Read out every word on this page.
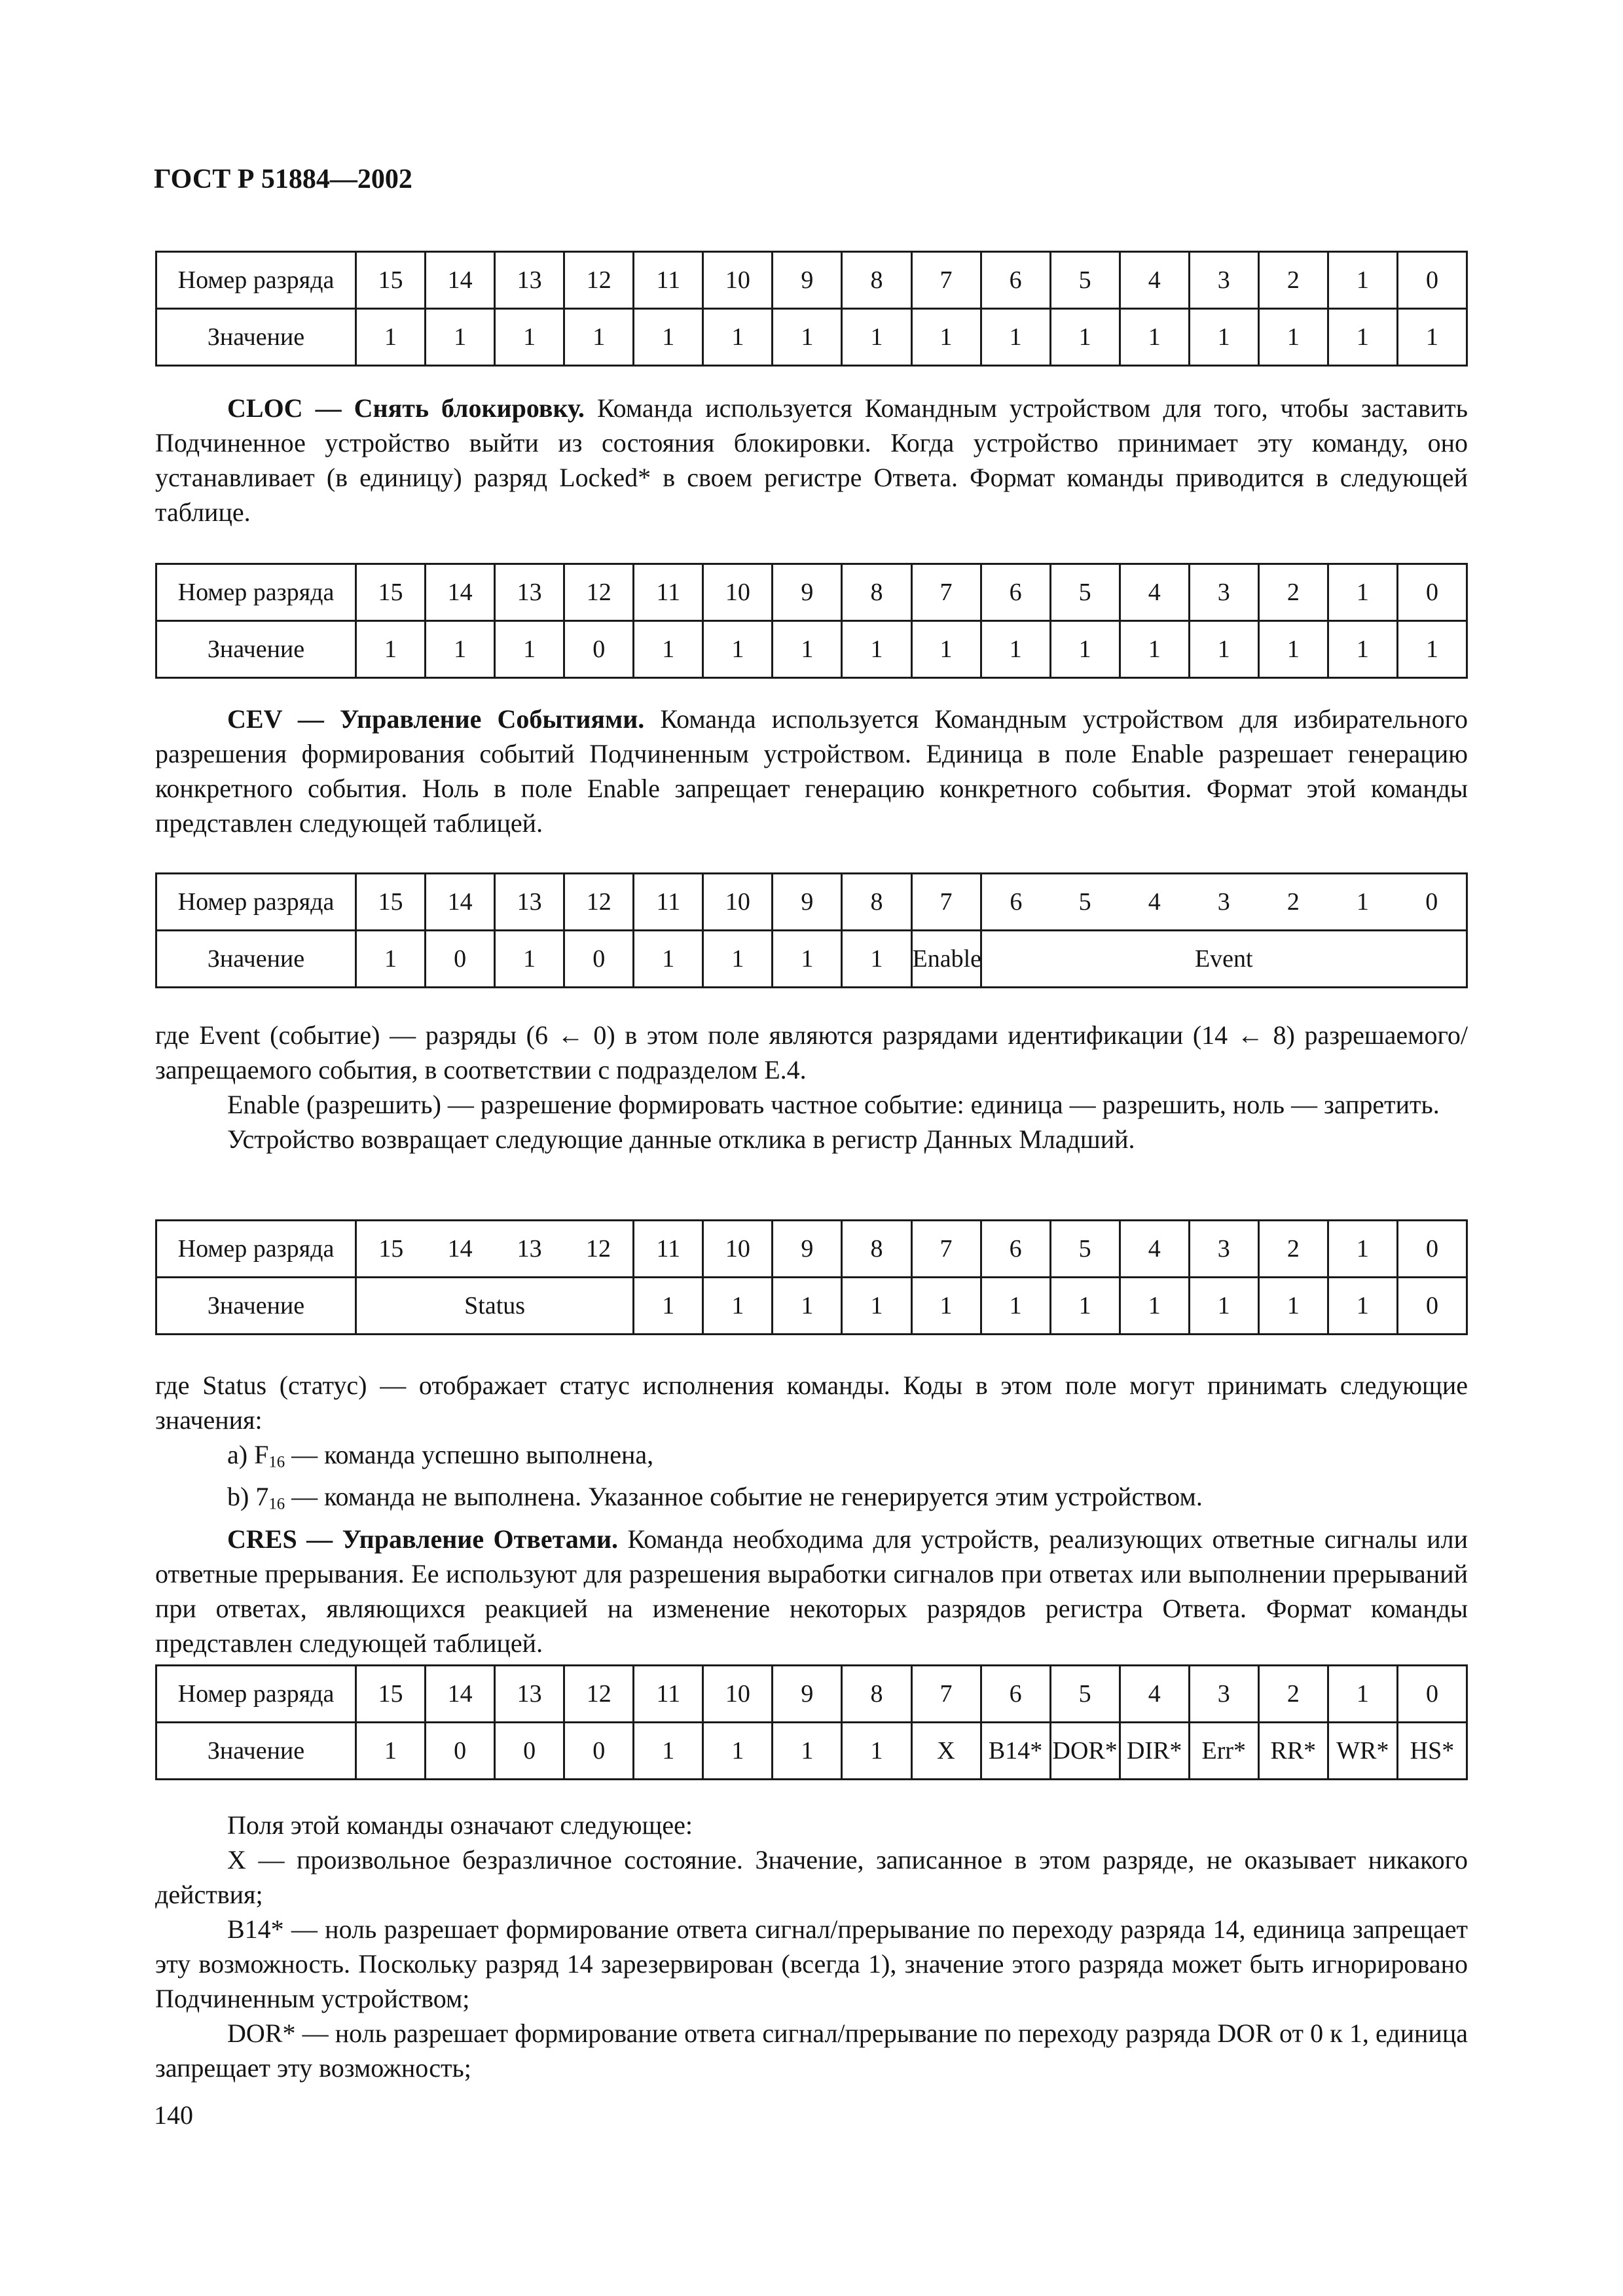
ГОСТ Р 51884—2002

Номер разряда	15	14	13	12	11	10	9	8	7	6	5	4	3	2	1	0
Значение	1	1	1	1	1	1	1	1	1	1	1	1	1	1	1	1

CLOC — Снять блокировку. Команда используется Командным устройством для того, чтобы заставить Подчиненное устройство выйти из состояния блокировки. Когда устройство принимает эту команду, оно устанавливает (в единицу) разряд Locked* в своем регистре Ответа. Формат команды приводится в следующей таблице.

Номер разряда	15	14	13	12	11	10	9	8	7	6	5	4	3	2	1	0
Значение	1	1	1	0	1	1	1	1	1	1	1	1	1	1	1	1

CEV — Управление Событиями. Команда используется Командным устройством для избирательного разрешения формирования событий Подчиненным устройством. Единица в поле Enable разрешает генерацию конкретного события. Ноль в поле Enable запрещает генерацию конкретного события. Формат этой команды представлен следующей таблицей.

Номер разряда	15	14	13	12	11	10	9	8	7	6	5	4	3	2	1	0
Значение	1	0	1	0	1	1	1	1	Enable	Event						

где Event (событие) — разряды (6 ← 0) в этом поле являются разрядами идентификации (14 ← 8) разрешаемого/запрещаемого события, в соответствии с подразделом Е.4.

Enable (разрешить) — разрешение формировать частное событие: единица — разрешить, ноль — запретить.

Устройство возвращает следующие данные отклика в регистр Данных Младший.

Номер разряда	15	14	13	12	11	10	9	8	7	6	5	4	3	2	1	0
Значение	Status				1	1	1	1	1	1	1	1	1	1	1	0

где Status (статус) — отображает статус исполнения команды. Коды в этом поле могут принимать следующие значения:

а) $F_{16}$ — команда успешно выполнена,

b) $7_{16}$ — команда не выполнена. Указанное событие не генерируется этим устройством.

CRES — Управление Ответами. Команда необходима для устройств, реализующих ответные сигналы или ответные прерывания. Ее используют для разрешения выработки сигналов при ответах или выполнении прерываний при ответах, являющихся реакцией на изменение некоторых разрядов регистра Ответа. Формат команды представлен следующей таблицей.

Номер разряда	15	14	13	12	11	10	9	8	7	6	5	4	3	2	1	0
Значение	1	0	0	0	1	1	1	1	X	B14*	DOR*	DIR*	Err*	RR*	WR*	HS*

Поля этой команды означают следующее:

X — произвольное безразличное состояние. Значение, записанное в этом разряде, не оказывает никакого действия;

B14* — ноль разрешает формирование ответа сигнал/прерывание по переходу разряда 14, единица запрещает эту возможность. Поскольку разряд 14 зарезервирован (всегда 1), значение этого разряда может быть игнорировано Подчиненным устройством;

DOR* — ноль разрешает формирование ответа сигнал/прерывание по переходу разряда DOR от 0 к 1, единица запрещает эту возможность;

140
